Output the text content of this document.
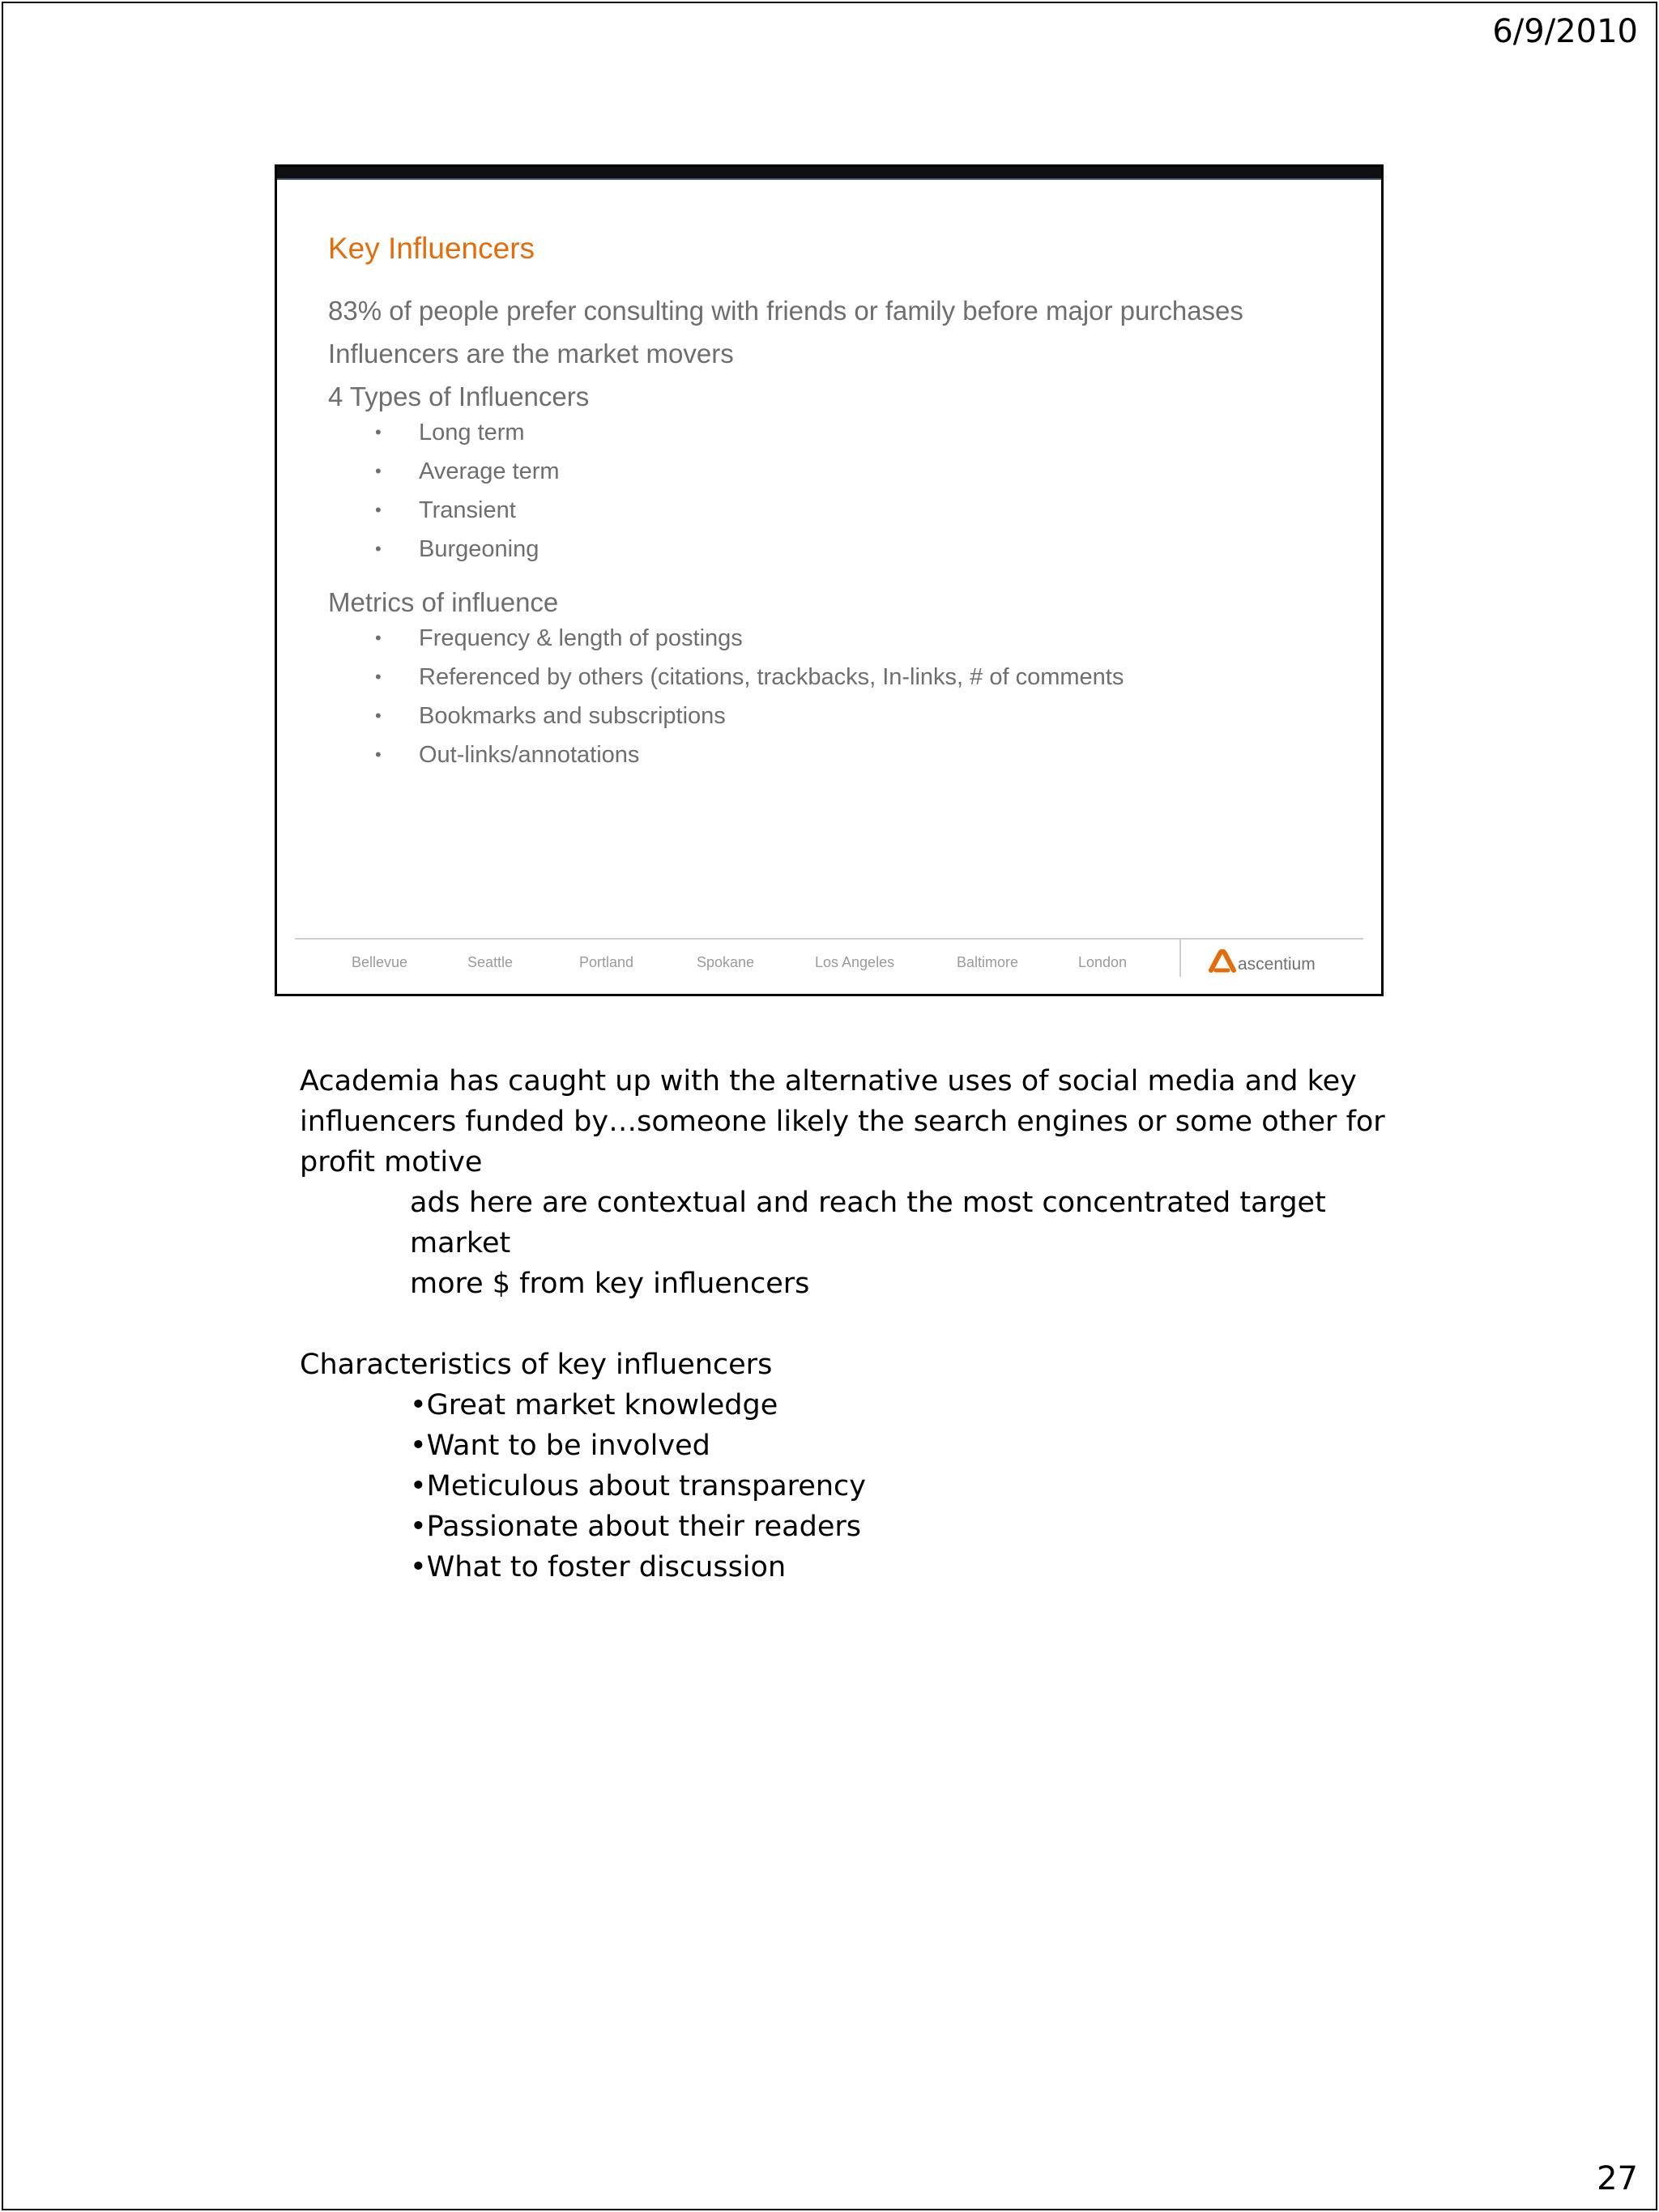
6/9/2010
Key Influencers
83% of people prefer consulting with friends or family before major purchases
Influencers are the market movers
4 Types of Influencers
• Long term
• Average term
• Transient
• Burgeoning
Metrics of influence
• Frequency & length of postings
• Referenced by others (citations, trackbacks, In-links, # of comments
• Bookmarks and subscriptions
• Out-links/annotations
Bellevue	Seattle	Portland	Spokane	Los Angeles	Baltimore	London	ascentium

Academia has caught up with the alternative uses of social media and key

influencers funded by…someone likely the search engines or some other for

profit motive

ads here are contextual and reach the most concentrated target market

more $ from key influencers

Characteristics of key influencers

•Great market knowledge

•Want to be involved

•Meticulous about transparency

•Passionate about their readers

•What to foster discussion

27
